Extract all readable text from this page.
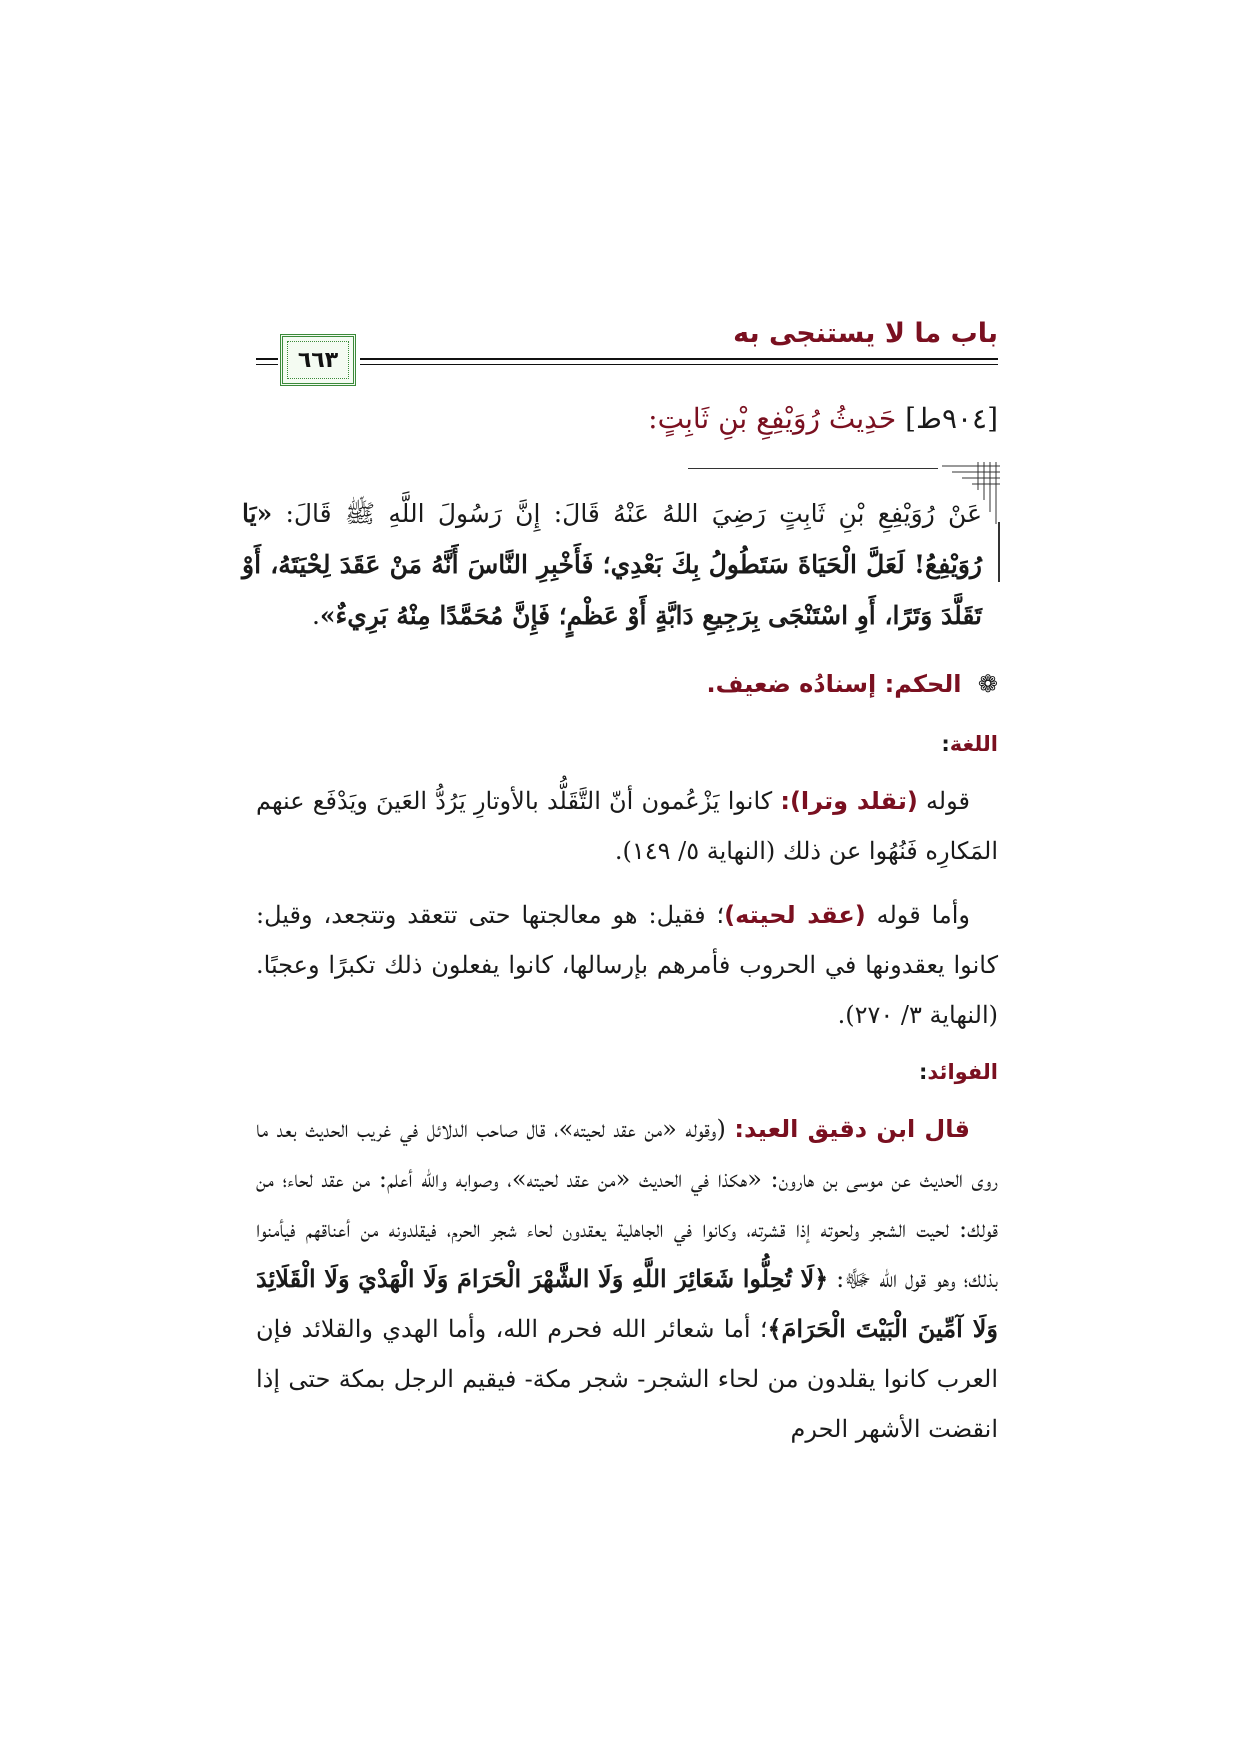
باب ما لا يستنجى به
٦٦٣
[٩٠٤ط] حَدِيثُ رُوَيْفِعِ بْنِ ثَابِتٍ:
عَنْ رُوَيْفِعِ بْنِ ثَابِتٍ رَضِيَ اللهُ عَنْهُ قَالَ: إِنَّ رَسُولَ اللَّهِ ﷺ قَالَ: «يَا رُوَيْفِعُ! لَعَلَّ الْحَيَاةَ سَتَطُولُ بِكَ بَعْدِي؛ فَأَخْبِرِ النَّاسَ أَنَّهُ مَنْ عَقَدَ لِحْيَتَهُ، أَوْ تَقَلَّدَ وَتَرًا، أَوِ اسْتَنْجَى بِرَجِيعِ دَابَّةٍ أَوْ عَظْمٍ؛ فَإِنَّ مُحَمَّدًا مِنْهُ بَرِيءٌ».
❁ الحكم: إسنادُه ضعيف.
اللغة:
قوله (تقلد وترا): كانوا يَزْعُمون أنّ التَّقَلُّد بالأوتارِ يَرُدُّ العَينَ ويَدْفَع عنهم المَكارِه فَنُهُوا عن ذلك (النهاية ٥/ ١٤٩).
وأما قوله (عقد لحيته)؛ فقيل: هو معالجتها حتى تتعقد وتتجعد، وقيل: كانوا يعقدونها في الحروب فأمرهم بإرسالها، كانوا يفعلون ذلك تكبرًا وعجبًا. (النهاية ٣/ ٢٧٠).
الفوائد:
قال ابن دقيق العيد: (وقوله «من عقد لحيته»، قال صاحب الدلائل في غريب الحديث بعد ما روى الحديث عن موسى بن هارون: «هكذا في الحديث «من عقد لحيته»، وصوابه والله أعلم: من عقد لحاء؛ من قولك: لحيت الشجر ولحوته إذا قشرته، وكانوا في الجاهلية يعقدون لحاء شجر الحرم، فيقلدونه من أعناقهم فيأمنوا بذلك؛ وهو قول الله ﷻ: ﴿لَا تُحِلُّوا شَعَائِرَ اللَّهِ وَلَا الشَّهْرَ الْحَرَامَ وَلَا الْهَدْيَ وَلَا الْقَلَائِدَ وَلَا آمِّينَ الْبَيْتَ الْحَرَامَ﴾؛ أما شعائر الله فحرم الله، وأما الهدي والقلائد فإن العرب كانوا يقلدون من لحاء الشجر- شجر مكة- فيقيم الرجل بمكة حتى إذا انقضت الأشهر الحرم
